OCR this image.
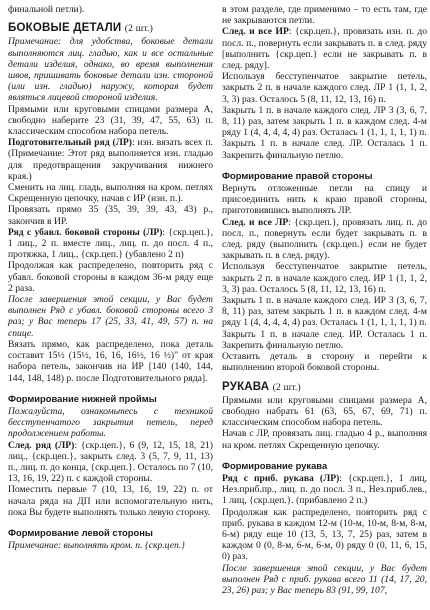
финальной петли).

БОКОВЫЕ ДЕТАЛИ (2 шт.)

Примечание: для удобства, боковые детали выполняются лиц. гладью, как и все остальные детали изделия, однако, во время выполнения швов, пришивать боковые детали изн. стороной (или изн. гладью) наружу, которая будет являться лицевой стороной изделия.

Прямыми или круговыми спицами размера A, свободно наберите 23 (31, 39, 47, 55, 63) п. классическим способом набора петель.

Подготовительный ряд (ЛР): изн. вязать всех п. (Примечание: Этот ряд выполняется изн. гладью для предотвращения закручивания нижнего края.)

Сменить на лиц. гладь, выполняя на кром. петлях Скрещенную цепочку, начав с ИР (изн. п.).

Провязать прямо 35 (35, 39, 39, 43, 43) р., закончив в ИР.

Ряд с убавл. боковой стороны (ЛР): {скр.цеп.}, 1 лиц., 2 п. вместе лиц., лиц. п. до посл. 4 п., протяжка, 1 лиц., {скр.цеп.} (убавлено 2 п)

Продолжая как распределено, повторить ряд с убавл. боковой стороны в каждом 36-м ряду еще 2 раза.

После завершения этой секции, у Вас будет выполнен Ряд с убавл. боковой стороны всего 3 раз; у Вас теперь 17 (25, 33, 41, 49, 57) п. на спице.

Вязать прямо, как распределено, пока деталь составит 15½ (15½, 16, 16, 16½, 16 ½)" от края набора петель, закончив на ИР [140 (140, 144, 144, 148, 148) р. после Подготовительного ряда].

Формирование нижней проймы

Пожалуйста, ознакомьтесь с техникой бесступенчатого закрытия петель, перед продолжением работы.

След. ряд (ЛР): {скр.цеп.}, 6 (9, 12, 15, 18, 21) лиц., {скр.цеп.}, закрыть след. 3 (5, 7, 9, 11, 13) п., лиц. п. до конца, {скр.цеп.}. Осталось по 7 (10, 13, 16, 19, 22) п. с каждой стороны.

Поместить первые 7 (10, 13, 16, 19, 22) п. от начала ряда на ДП или вспомогательную нить, пока Вы будете выполнять только левую сторону.

Формирование левой стороны

Примечание: выполнять кром. п. {скр.цеп.}

в этом разделе, где применимо – то есть там, где не закрываются петли.

След. и все ИР: {скр.цеп.}, провязать изн. п. до посл. п., повернуть если закрывать п. в след. ряду [выполнить {скр.цеп.} если не закрывать п. в след. ряду].

Используя бесступенчатое закрытие петель, закрыть 2 п. в начале каждого след. ЛР 1 (1, 1, 2, 3, 3) раз. Осталось 5 (8, 11, 12, 13, 16) п.

Закрыть 1 п. в начале каждого след. ЛР 3 (3, 6, 7, 8, 11) раз, затем закрыть 1 п. в каждом след. 4-м ряду 1 (4, 4, 4, 4, 4) раз. Осталась 1 (1, 1, 1, 1, 1) п.

Закрыть 1 п. в начале след. ЛР. Осталась 1 п. Закрепить финальную петлю.

Формирование правой стороны

Вернуть отложенные петли на спицу и присоединить нить к краю правой стороны, приготовившись выполнять ЛР.

След. и все ЛР: {скр.цеп.}, провязать лиц. п. до посл. п., повернуть если будет закрывать п. в след. ряду (выполнить {скр.цеп.} если не будет закрывать п. в след. ряду).

Используя бесступенчатое закрытие петель, закрыть 2 п. в начале каждого след. ИР 1 (1, 1, 2, 3, 3) раз. Осталось 5 (8, 11, 12, 13, 16) п.

Закрыть 1 п. в начале каждого след. ИР 3 (3, 6, 7, 8, 11) раз, затем закрыть 1 п. в каждом след. 4-м ряду 1 (4, 4, 4, 4, 4) раз. Осталась 1 (1, 1, 1, 1, 1) п.

Закрыть 1 п. в начале след. ИР. Осталась 1 п. Закрепить финальную петлю.

Оставить деталь в сторону и перейти к выполнению второй боковой стороны.

РУКАВА (2 шт.)

Прямыми или круговыми спицами размера A, свободно набрать 61 (63, 65, 67, 69, 71) п. классическим способом набора петель.

Начав с ЛР, провязать лиц. гладью 4 р., выполняя на кром. петлях Скрещенную цепочку.

Формирование рукава

Ряд с приб. рукава (ЛР): {скр.цеп.}, 1 лиц, Нез.приб.пр., лиц. п. до посл. 3 п., Нез.приб.лев., 1 лиц, {скр.цеп.}. (прибавлено 2 п.)

Продолжая как распределено, повторить ряд с приб. рукава в каждом 12-м (10-м, 10-м, 8-м, 8-м, 6-м) ряду еще 10 (13, 5, 13, 7, 25) раз, затем в каждом 0 (0, 8-м, 6-м, 6-м, 0) ряду 0 (0, 11, 6, 15, 0) раз.

После завершения этой секции, у Вас будет выполнен Ряд с приб. рукава всего 11 (14, 17, 20, 23, 26) раз; у Вас теперь 83 (91, 99, 107,
